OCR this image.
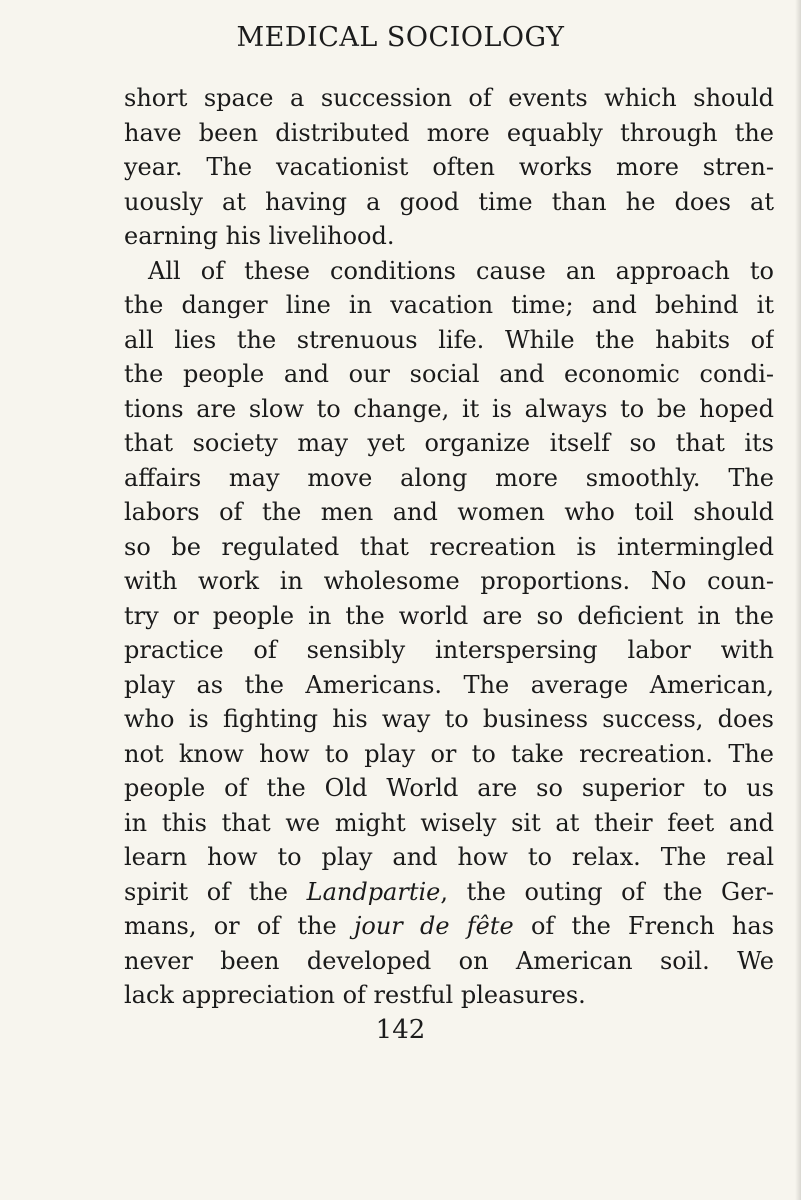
MEDICAL SOCIOLOGY
short space a succession of events which should
have been distributed more equably through the
year. The vacationist often works more stren-
uously at having a good time than he does at
earning his livelihood.
All of these conditions cause an approach to
the danger line in vacation time; and behind it
all lies the strenuous life. While the habits of
the people and our social and economic condi-
tions are slow to change, it is always to be hoped
that society may yet organize itself so that its
affairs may move along more smoothly. The
labors of the men and women who toil should
so be regulated that recreation is intermingled
with work in wholesome proportions. No coun-
try or people in the world are so deficient in the
practice of sensibly interspersing labor with
play as the Americans. The average American,
who is fighting his way to business success, does
not know how to play or to take recreation. The
people of the Old World are so superior to us
in this that we might wisely sit at their feet and
learn how to play and how to relax. The real
spirit of the Landpartie, the outing of the Ger-
mans, or of the jour de fête of the French has
never been developed on American soil. We
lack appreciation of restful pleasures.
142
